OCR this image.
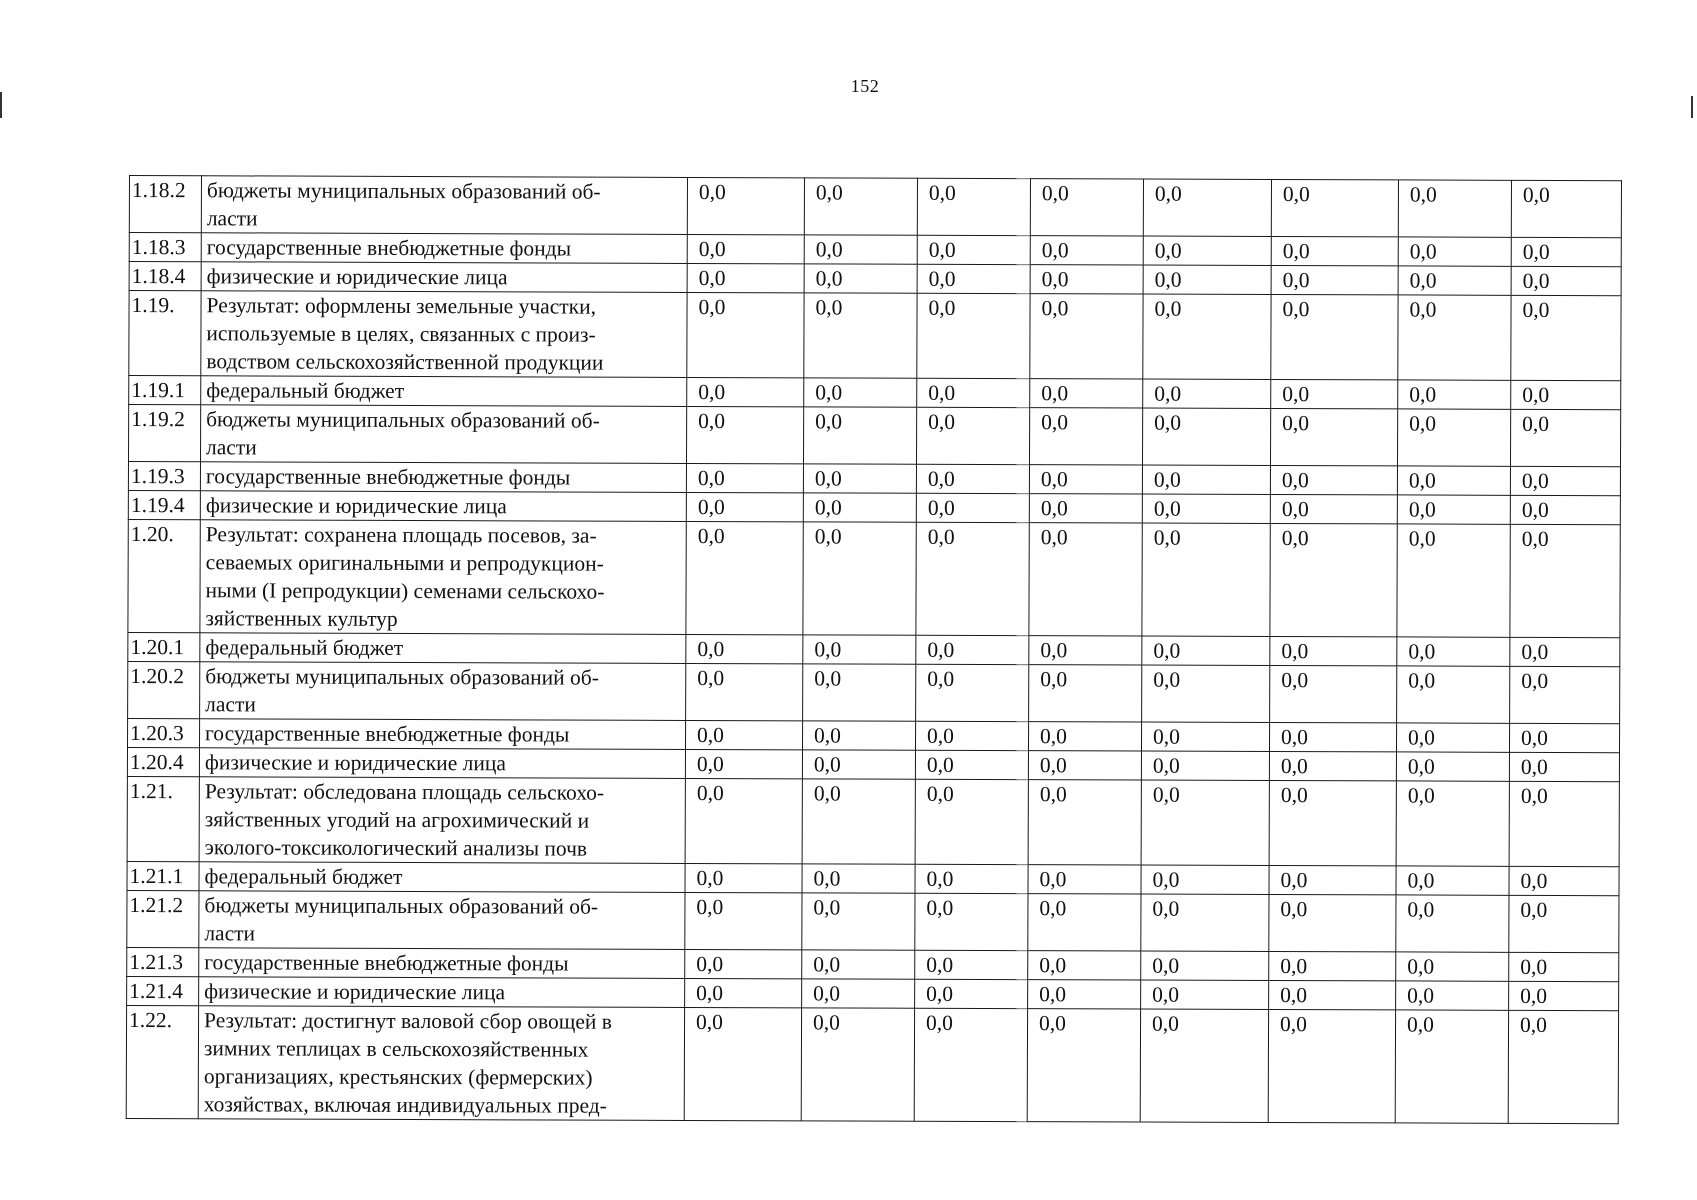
152
1.18.2	бюджеты муниципальных образований об-
ласти	0,0	0,0	0,0	0,0	0,0	0,0	0,0	0,0
1.18.3	государственные внебюджетные фонды	0,0	0,0	0,0	0,0	0,0	0,0	0,0	0,0
1.18.4	физические и юридические лица	0,0	0,0	0,0	0,0	0,0	0,0	0,0	0,0
1.19.	Результат: оформлены земельные участки,
используемые в целях, связанных с произ-
водством сельскохозяйственной продукции	0,0	0,0	0,0	0,0	0,0	0,0	0,0	0,0
1.19.1	федеральный бюджет	0,0	0,0	0,0	0,0	0,0	0,0	0,0	0,0
1.19.2	бюджеты муниципальных образований об-
ласти	0,0	0,0	0,0	0,0	0,0	0,0	0,0	0,0
1.19.3	государственные внебюджетные фонды	0,0	0,0	0,0	0,0	0,0	0,0	0,0	0,0
1.19.4	физические и юридические лица	0,0	0,0	0,0	0,0	0,0	0,0	0,0	0,0
1.20.	Результат: сохранена площадь посевов, за-
севаемых оригинальными и репродукцион-
ными (I репродукции) семенами сельскохо-
зяйственных культур	0,0	0,0	0,0	0,0	0,0	0,0	0,0	0,0
1.20.1	федеральный бюджет	0,0	0,0	0,0	0,0	0,0	0,0	0,0	0,0
1.20.2	бюджеты муниципальных образований об-
ласти	0,0	0,0	0,0	0,0	0,0	0,0	0,0	0,0
1.20.3	государственные внебюджетные фонды	0,0	0,0	0,0	0,0	0,0	0,0	0,0	0,0
1.20.4	физические и юридические лица	0,0	0,0	0,0	0,0	0,0	0,0	0,0	0,0
1.21.	Результат: обследована площадь сельскохо-
зяйственных угодий на агрохимический и
эколого-токсикологический анализы почв	0,0	0,0	0,0	0,0	0,0	0,0	0,0	0,0
1.21.1	федеральный бюджет	0,0	0,0	0,0	0,0	0,0	0,0	0,0	0,0
1.21.2	бюджеты муниципальных образований об-
ласти	0,0	0,0	0,0	0,0	0,0	0,0	0,0	0,0
1.21.3	государственные внебюджетные фонды	0,0	0,0	0,0	0,0	0,0	0,0	0,0	0,0
1.21.4	физические и юридические лица	0,0	0,0	0,0	0,0	0,0	0,0	0,0	0,0
1.22.	Результат: достигнут валовой сбор овощей в
зимних теплицах в сельскохозяйственных
организациях, крестьянских (фермерских)
хозяйствах, включая индивидуальных пред-	0,0	0,0	0,0	0,0	0,0	0,0	0,0	0,0
